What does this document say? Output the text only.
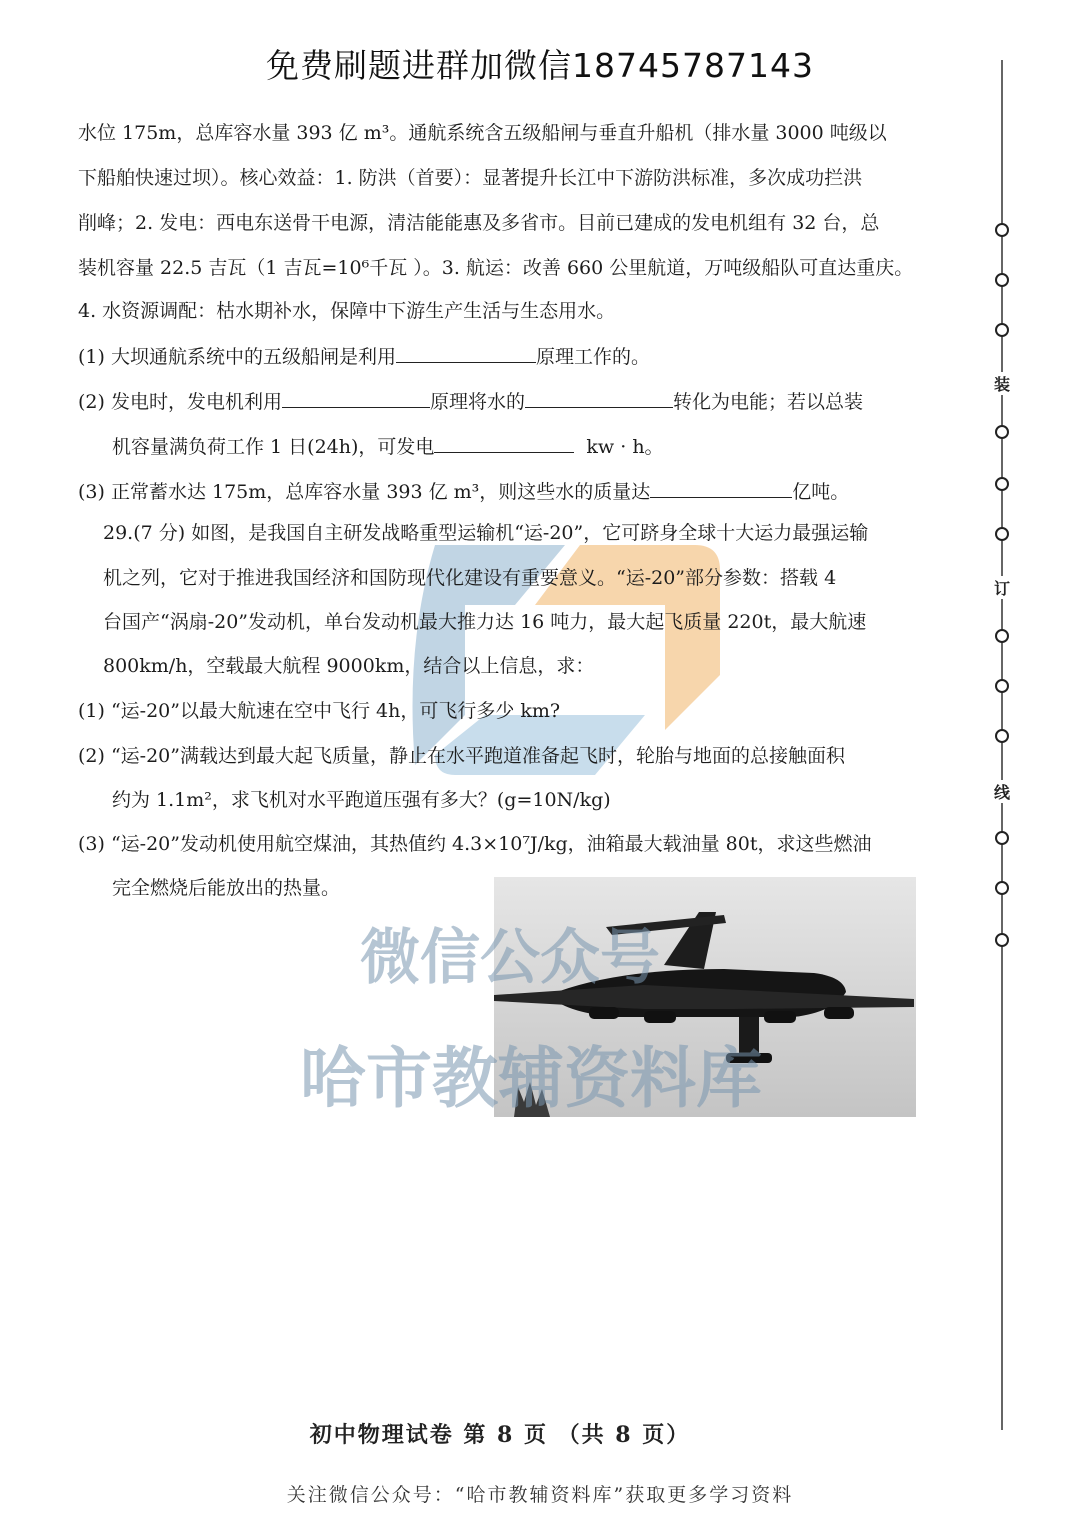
免费刷题进群加微信18745787143
水位 175m，总库容水量 393 亿 m³。通航系统含五级船闸与垂直升船机（排水量 3000 吨级以
下船舶快速过坝）。核心效益：1. 防洪（首要）：显著提升长江中下游防洪标准，多次成功拦洪
削峰；2. 发电：西电东送骨干电源，清洁能能惠及多省市。目前已建成的发电机组有 32 台，总
装机容量 22.5 吉瓦（1 吉瓦=10⁶千瓦 ）。3. 航运：改善 660 公里航道，万吨级船队可直达重庆。
4. 水资源调配：枯水期补水，保障中下游生产生活与生态用水。
(1) 大坝通航系统中的五级船闸是利用	原理工作的。
(2) 发电时，发电机利用	原理将水的	转化为电能；若以总装
机容量满负荷工作 1 日(24h)，可发电	kw · h。
(3) 正常蓄水达 175m，总库容水量 393 亿 m³，则这些水的质量达	亿吨。
29.(7 分) 如图，是我国自主研发战略重型运输机“运-20”，它可跻身全球十大运力最强运输
机之列，它对于推进我国经济和国防现代化建设有重要意义。“运-20”部分参数：搭载 4
台国产“涡扇-20”发动机，单台发动机最大推力达 16 吨力，最大起飞质量 220t，最大航速
800km/h，空载最大航程 9000km，结合以上信息，求：
(1) “运-20”以最大航速在空中飞行 4h，可飞行多少 km?
(2) “运-20”满载达到最大起飞质量，静止在水平跑道准备起飞时，轮胎与地面的总接触面积
约为 1.1m²，求飞机对水平跑道压强有多大？(g=10N/kg)
(3) “运-20”发动机使用航空煤油，其热值约 4.3×10⁷J/kg，油箱最大载油量 80t，求这些燃油
完全燃烧后能放出的热量。
微信公众号
哈市教辅资料库
装
订
线
初中物理试卷 第 8 页 （共 8 页）
关注微信公众号：“哈市教辅资料库”获取更多学习资料
